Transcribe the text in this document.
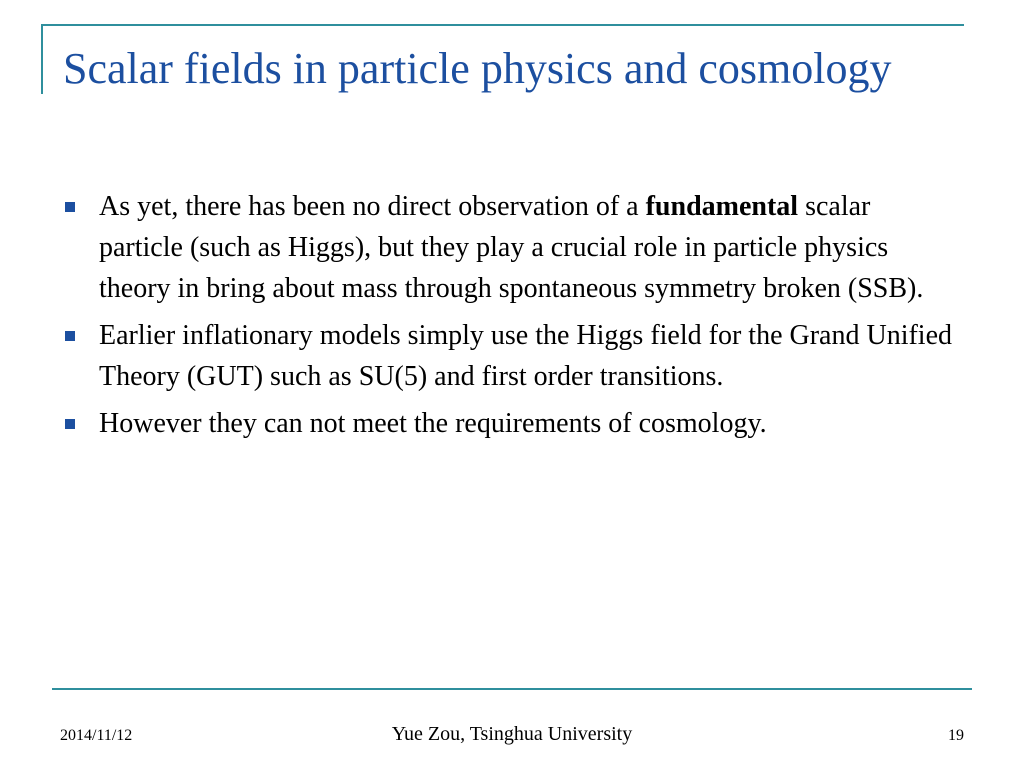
Scalar fields in particle physics and cosmology
As yet, there has been no direct observation of a fundamental scalar particle (such as Higgs), but they play a crucial role in particle physics theory in bring about mass through spontaneous symmetry broken (SSB).
Earlier inflationary models simply use the Higgs field for the Grand Unified Theory (GUT) such as SU(5) and first order transitions.
However they can not meet the requirements of cosmology.
2014/11/12	Yue Zou, Tsinghua University	19
